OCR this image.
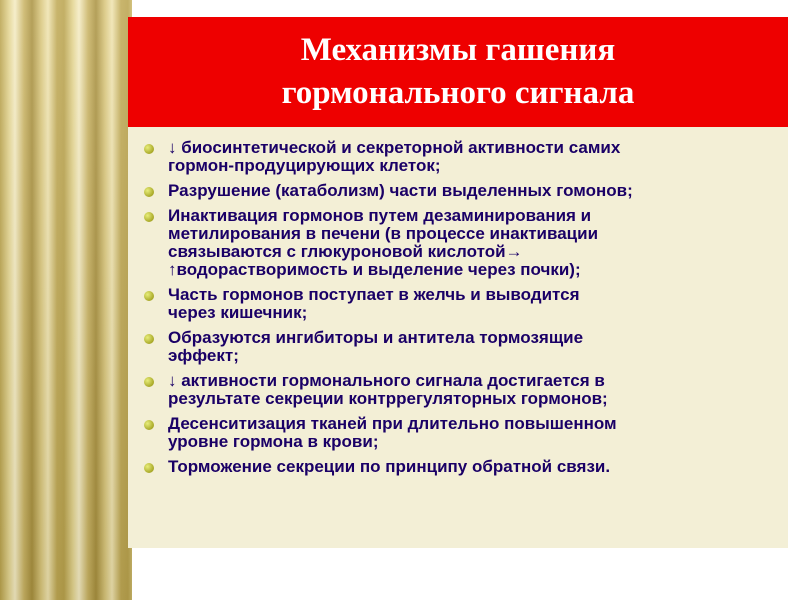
Механизмы гашения
гормонального сигнала
↓ биосинтетической и секреторной активности самих
гормон-продуцирующих клеток;
Разрушение (катаболизм) части выделенных гомонов;
Инактивация гормонов путем дезаминирования и
метилирования в печени (в процессе инактивации
связываются с глюкуроновой кислотой→
↑водорастворимость и выделение через почки);
Часть гормонов поступает в желчь и выводится
через кишечник;
Образуются ингибиторы и антитела тормозящие
эффект;
↓ активности гормонального сигнала достигается в
результате секреции контррегуляторных гормонов;
Десенситизация тканей при длительно повышенном
уровне гормона в крови;
Торможение секреции по принципу обратной связи.
